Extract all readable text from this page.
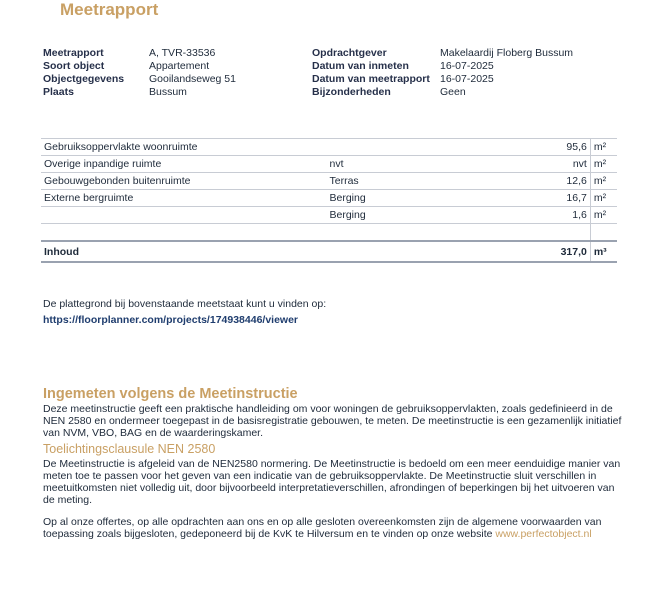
Meetrapport
Meetrapport	A, TVR-33536
Soort object	Appartement
Objectgegevens	Gooilandseweg 51
Plaats	Bussum
Opdrachtgever	Makelaardij Floberg Bussum
Datum van inmeten	16-07-2025
Datum van meetrapport 16-07-2025
Bijzonderheden	Geen
Gebruiksoppervlakte woonruimte		95,6	m²
Overige inpandige ruimte	nvt	nvt	m²
Gebouwgebonden buitenruimte	Terras	12,6	m²
Externe bergruimte	Berging	16,7	m²
	Berging	1,6	m²

Inhoud		317,0	m³
De plattegrond bij bovenstaande meetstaat kunt u vinden op:
https://floorplanner.com/projects/174938446/viewer
Ingemeten volgens de Meetinstructie

Deze meetinstructie geeft een praktische handleiding om voor woningen de gebruiksoppervlakten, zoals gedefinieerd in de NEN 2580 en ondermeer toegepast in de basisregistratie gebouwen, te meten. De meetinstructie is een gezamenlijk initiatief van NVM, VBO, BAG en de waarderingskamer.

Toelichtingsclausule NEN 2580

De Meetinstructie is afgeleid van de NEN2580 normering. De Meetinstructie is bedoeld om een meer eenduidige manier van meten toe te passen voor het geven van een indicatie van de gebruiksoppervlakte. De Meetinstructie sluit verschillen in meetuitkomsten niet volledig uit, door bijvoorbeeld interpretatieverschillen, afrondingen of beperkingen bij het uitvoeren van de meting.

Op al onze offertes, op alle opdrachten aan ons en op alle gesloten overeenkomsten zijn de algemene voorwaarden van toepassing zoals bijgesloten, gedeponeerd bij de KvK te Hilversum en te vinden op onze website www.perfectobject.nl
